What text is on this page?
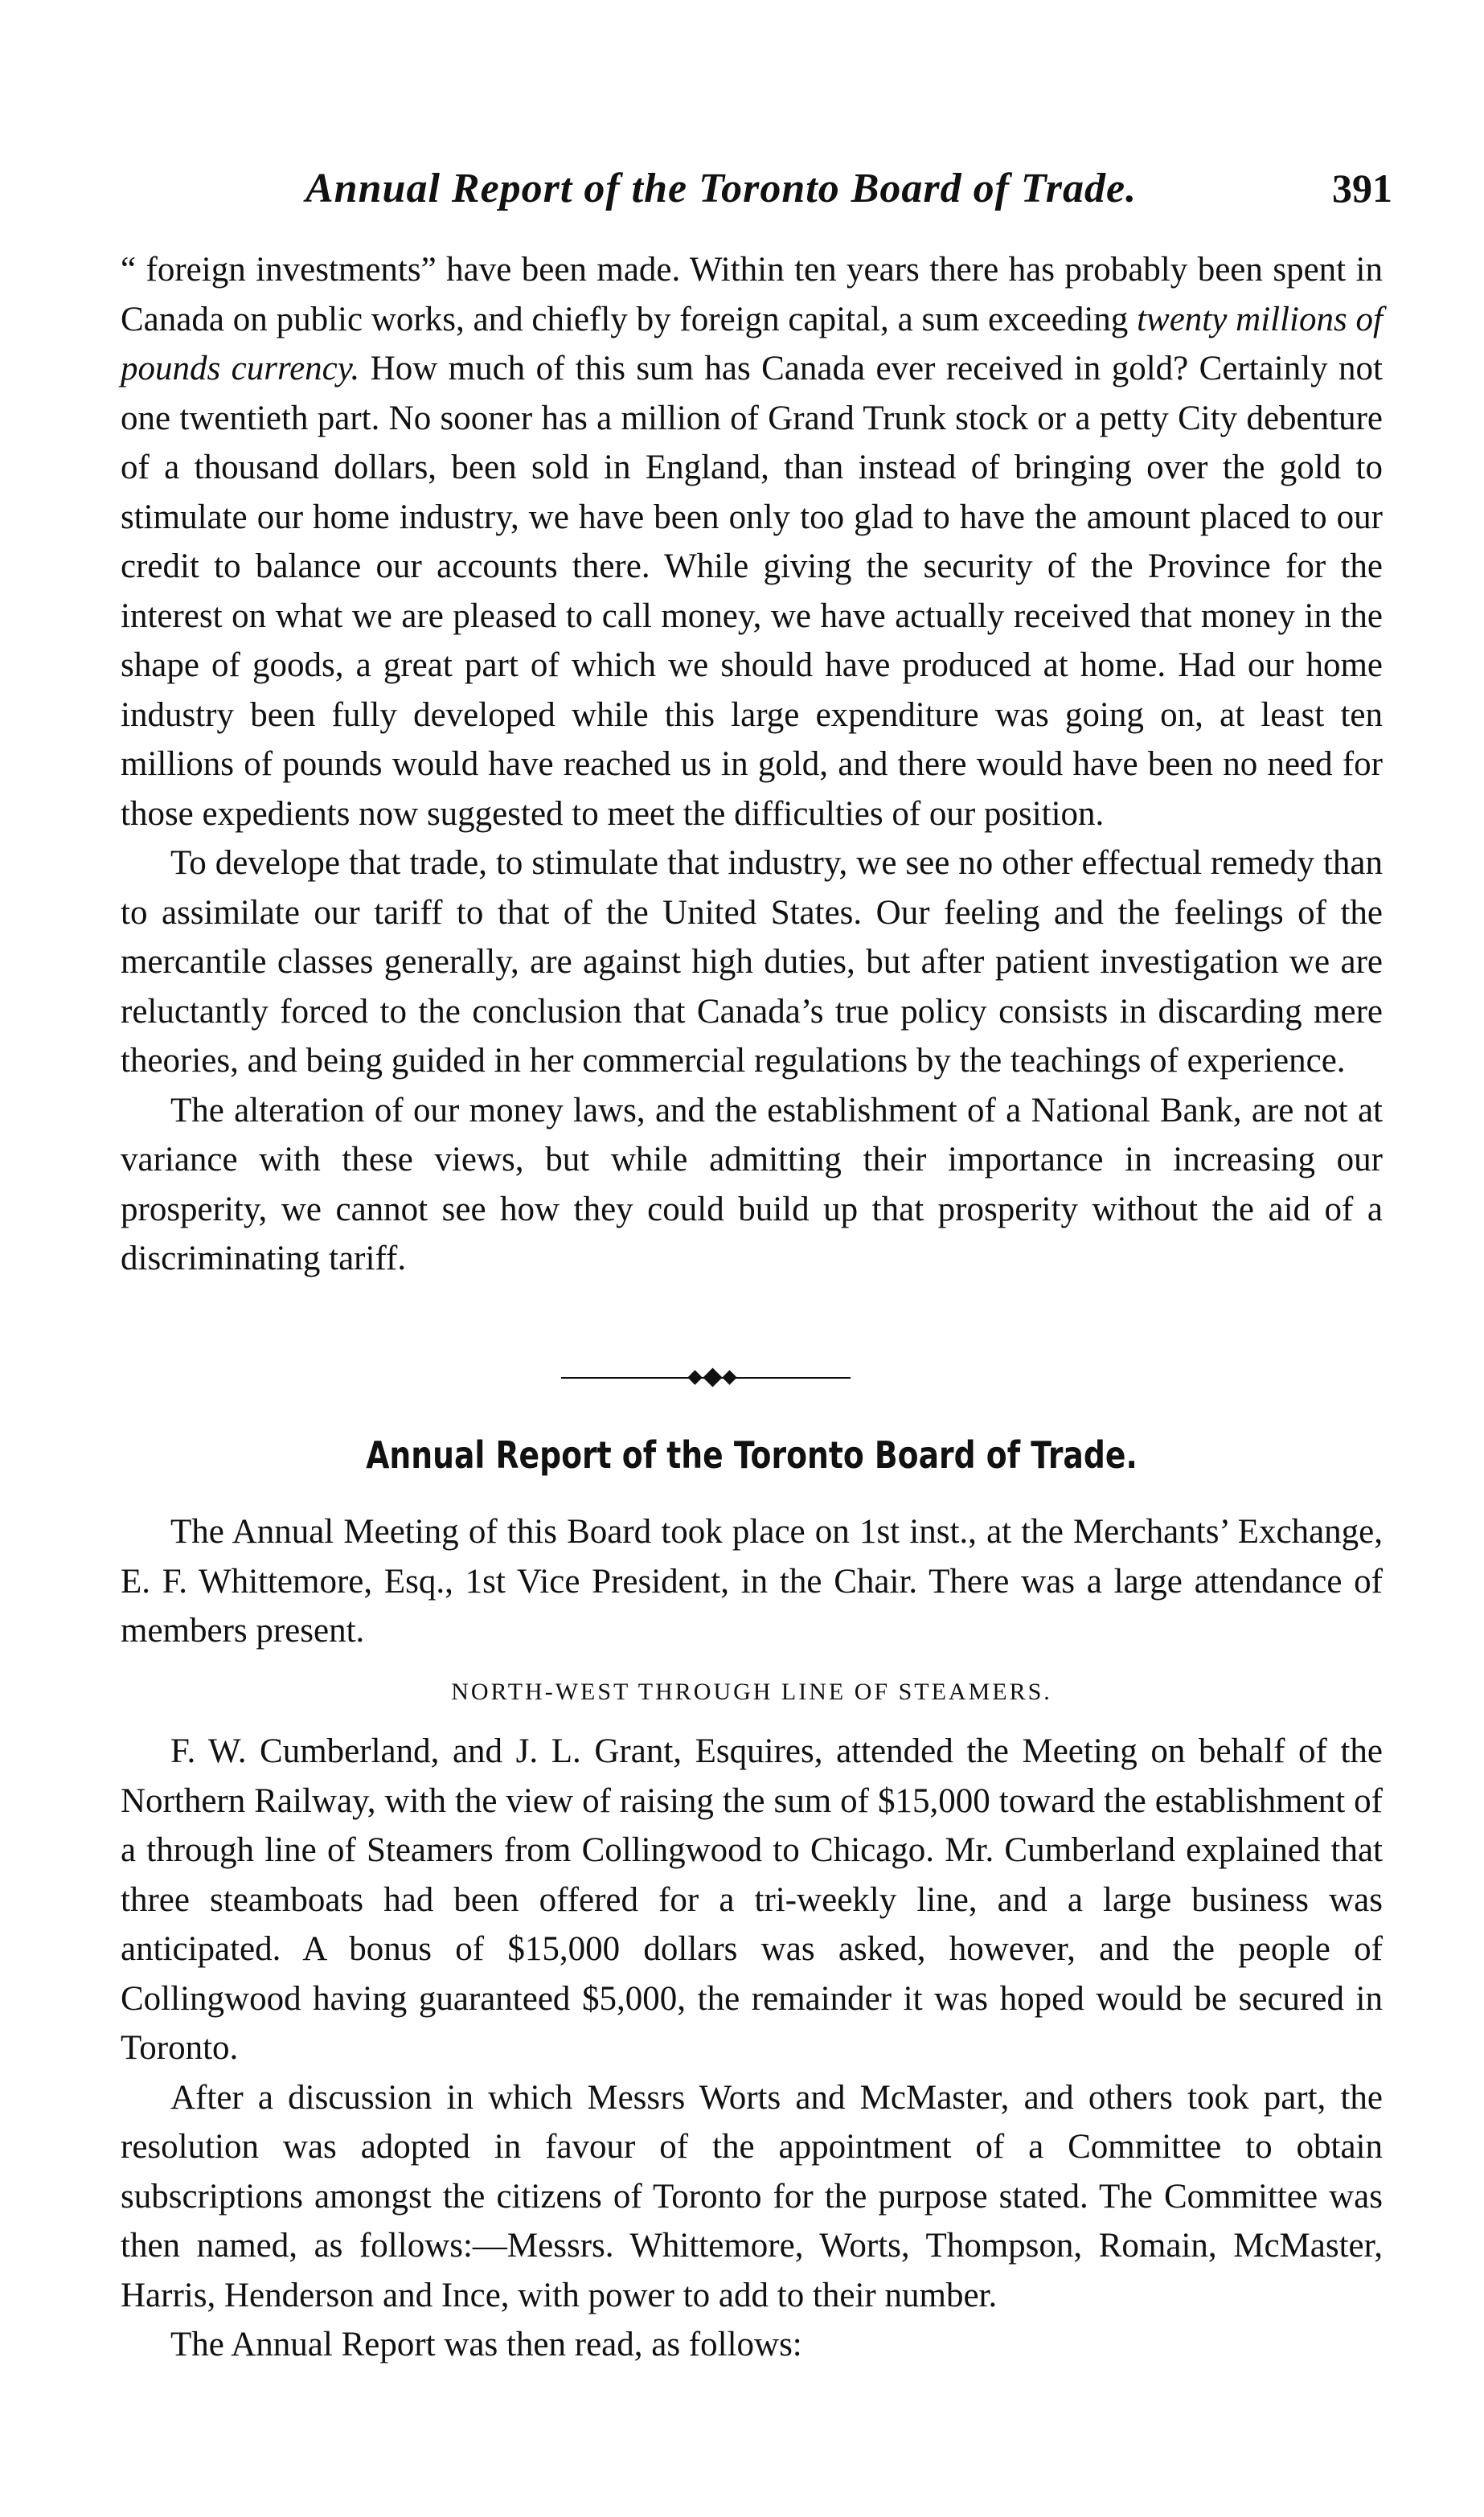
Annual Report of the Toronto Board of Trade.	391

“ foreign investments” have been made. Within ten years there has probably been spent in Canada on public works, and chiefly by foreign capital, a sum exceeding twenty millions of pounds currency. How much of this sum has Canada ever received in gold? Certainly not one twentieth part. No sooner has a million of Grand Trunk stock or a petty City debenture of a thousand dollars, been sold in England, than instead of bringing over the gold to stimulate our home industry, we have been only too glad to have the amount placed to our credit to balance our accounts there. While giving the security of the Province for the interest on what we are pleased to call money, we have actually received that money in the shape of goods, a great part of which we should have produced at home. Had our home industry been fully developed while this large expenditure was going on, at least ten millions of pounds would have reached us in gold, and there would have been no need for those expedients now suggested to meet the difficulties of our position.

To develope that trade, to stimulate that industry, we see no other effectual remedy than to assimilate our tariff to that of the United States. Our feeling and the feelings of the mercantile classes generally, are against high duties, but after patient investigation we are reluctantly forced to the conclusion that Canada’s true policy consists in discarding mere theories, and being guided in her commercial regulations by the teachings of experience.

The alteration of our money laws, and the establishment of a National Bank, are not at variance with these views, but while admitting their importance in increasing our prosperity, we cannot see how they could build up that prosperity without the aid of a discriminating tariff.

Annual Report of the Toronto Board of Trade.

The Annual Meeting of this Board took place on 1st inst., at the Merchants’ Exchange, E. F. Whittemore, Esq., 1st Vice President, in the Chair. There was a large attendance of members present.

NORTH-WEST THROUGH LINE OF STEAMERS.

F. W. Cumberland, and J. L. Grant, Esquires, attended the Meeting on behalf of the Northern Railway, with the view of raising the sum of $15,000 toward the establishment of a through line of Steamers from Collingwood to Chicago. Mr. Cumberland explained that three steamboats had been offered for a tri-weekly line, and a large business was anticipated. A bonus of $15,000 dollars was asked, however, and the people of Collingwood having guaranteed $5,000, the remainder it was hoped would be secured in Toronto.

After a discussion in which Messrs Worts and McMaster, and others took part, the resolution was adopted in favour of the appointment of a Committee to obtain subscriptions amongst the citizens of Toronto for the purpose stated. The Committee was then named, as follows:—Messrs. Whittemore, Worts, Thompson, Romain, McMaster, Harris, Henderson and Ince, with power to add to their number.

The Annual Report was then read, as follows:
